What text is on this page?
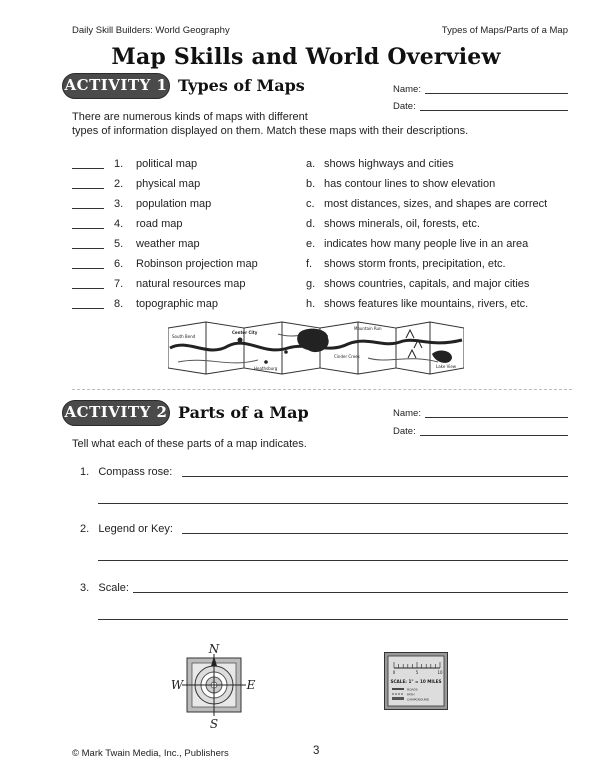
Daily Skill Builders: World Geography	Types of Maps/Parts of a Map
Map Skills and World Overview
ACTIVITY 1 Types of Maps	Name:
Date:
There are numerous kinds of maps with different
types of information displayed on them. Match these maps with their descriptions.
1. political map	a. shows highways and cities
2. physical map	b. has contour lines to show elevation
3. population map	c. most distances, sizes, and shapes are correct
4. road map	d. shows minerals, oil, forests, etc.
5. weather map	e. indicates how many people live in an area
6. Robinson projection map	f. shows storm fronts, precipitation, etc.
7. natural resources map	g. shows countries, capitals, and major cities
8. topographic map	h. shows features like mountains, rivers, etc.
South Bend
Center City
Heathsburg
Mountain Run
Cinder Creek
Lake View
ACTIVITY 2 Parts of a Map	Name:
Date:
Tell what each of these parts of a map indicates.
1. Compass rose:
2. Legend or Key:
3. Scale:
N
S
E
W
0	5	10
SCALE: 1" = 10 MILES
ROADS
PATH
CAMPGROUND
© Mark Twain Media, Inc., Publishers	3
